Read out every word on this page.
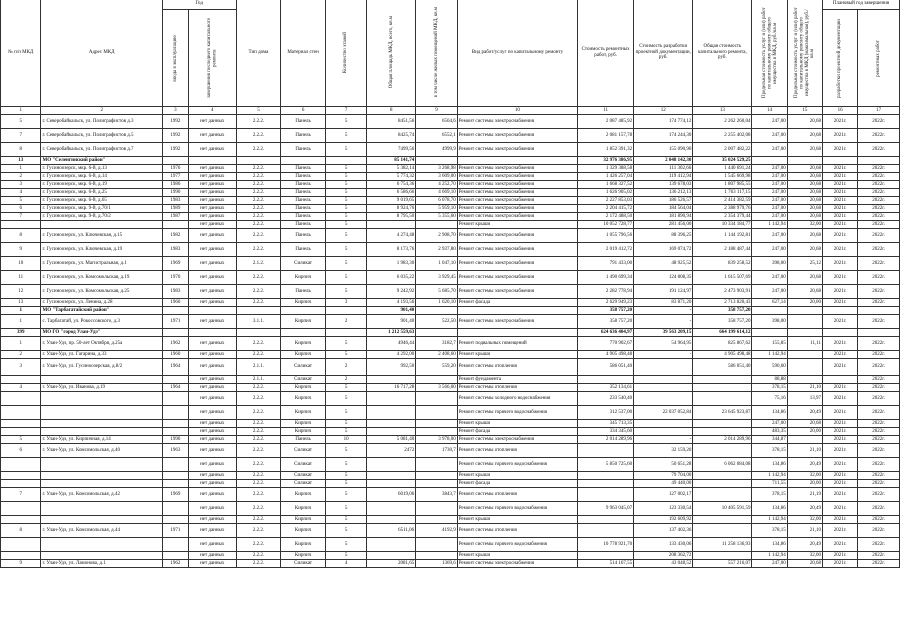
№ п/п МКД	Адрес МКД	Год		Тип дома	Материал стен	Количество этажей	Общая площадь МКД, всего, кв.м	в том числе жилых помещений МКД, кв.м	Вид работ/услуг по капитальному ремонту	Стоимость ремонтных работ, руб.	Стоимость разработки проектной документации, руб.	Общая стоимость капитального ремонта, руб.	Предельная стоимость услуг и (или) работ по капитальному ремонту общего имущества в МКД, руб./кв.м	Предельная стоимость услуг и (или) работ по капитальному ремонту общего имущества в МКД (максимальная), руб./кв.м	Плановый год завершения	

		ввода в эксплуатацию	завершения последнего капитального ремонта												разработки проектной документации	ремонтных работ

1	2	3	4	5	6	7	8	9	10	11	12	13	14	15	16	17
5	г. Северобайкальск, ул. Полиграфистов д.3	1992	нет данных	2.2.2.	Панель	5	8451,56	6564,6	Ремонт системы электроснабжения	2 087 485,92	174 774,12	2 262 260,04	247,00	20,68	2021г.	2022г.
7	г. Северобайкальск, ул. Полиграфистов д.5	1992	нет данных	2.2.2.	Панель	5	8425,74	6552,1	Ремонт системы электроснабжения	2 081 157,78	174 244,30	2 255 402,08	247,00	20,68	2021г.	2022г.
8	г. Северобайкальск, ул. Полиграфистов д.7	1992	нет данных	2.2.2.	Панель	5	7499,56	4999,9	Ремонт системы электроснабжения	1 852 391,32	155 090,90	2 007 482,22	247,00	20,68	2021г.	2022г.
13	МО "Селенгинский район"						85 141,74			32 976 386,95	2 048 142,30	35 024 529,25				
1	г. Гусиноозерск, мкр. 6-й, д.13	1976	нет данных	2.2.2.	Панель	5	5 382,14	3 268,98	Ремонт системы электроснабжения	1 329 388,58	111 302,66	1 440 691,24	247,00	20,68	2021г.	2022г.
2	г. Гусиноозерск, мкр. 6-й, д.14	1977	нет данных	2.2.2.	Панель	5	5 774,32	3 609,00	Ремонт системы электроснабжения	1 426 257,04	119 412,94	1 545 669,98	247,00	20,68	2021г.	2022г.
3	г. Гусиноозерск, мкр. 6-й, д.19	1986	нет данных	2.2.2.	Панель	5	6 754,36	4 252,70	Ремонт системы электроснабжения	1 668 327,52	139 678,03	1 807 985,55	247,00	20,68	2021г.	2022г.
4	г. Гусиноозерск, мкр. 6-й, д.25	1990	нет данных	2.2.2.	Панель	5	6 586,66	4 669,10	Ремонт системы электроснабжения	1 626 905,02	136 212,13	1 763 117,15	247,00	20,68	2021г.	2022г.
5	г. Гусиноозерск, мкр. 6-й, д.65	1983	нет данных	2.2.2.	Панель	5	9 019,65	6 078,70	Ремонт системы электроснабжения	2 227 853,03	186 526,57	2 414 382,59	247,00	20,68	2021г.	2022г.
6	г. Гусиноозерск, мкр. 9-й, д.70/1	1989	нет данных	2.2.2.	Панель	5	8 924,76	5 959,10	Ремонт системы электроснабжения	2 204 415,72	184 564,04	2 388 979,76	247,00	20,68	2021г.	2022г.
7	г. Гусиноозерск, мкр. 9-й, д.70/2	1987	нет данных	2.2.2.	Панель	5	8 795,50	5 355,60	Ремонт системы электроснабжения	2 172 488,50	181 890,94	2 354 379,44	247,00	20,68	2021г.	2022г.
			нет данных	2.2.2.	Панель	5			Ремонт крыши	10 052 728,77	281 456,00	10 334 184,77	1 142,94	32,00	2021г.	2022г.
8	г. Гусиноозерск, ул. Ключевская, д.15	1982	нет данных	2.2.2.	Панель	5	4 274,48	2 908,70	Ремонт системы электроснабжения	1 055 796,56	88 396,25	1 144 192,81	247,00	20,68	2021г.	2022г.
9	г. Гусиноозерск, ул. Ключевская, д.19	1983	нет данных	2.2.2.	Панель	5	8 173,76	2 937,80	Ремонт системы электроснабжения	2 019 412,72	169 074,72	2 188 487,44	247,00	20,68	2021г.	2022г.
10	г. Гусиноозерск, ул. Магистральная, д.1	1969	нет данных	2.1.2.	Силикат	5	1 983,30	1 047,10	Ремонт системы электроснабжения	791 433,00	48 925,52	839 258,52	398,00	25,12	2021г.	2022г.
11	г. Гусиноозерск, ул. Комсомольская, д.19	1970	нет данных	2.2.2.	Кирпич	5	6 035,22	3 929,45	Ремонт системы электроснабжения	1 490 699,34	124 808,35	1 615 507,69	247,00	20,68	2021г.	2022г.
12	г. Гусиноозерск, ул. Комсомольская, д.25	1983	нет данных	2.2.2.	Панель	5	9 242,92	5 685,70	Ремонт системы электроснабжения	2 282 778,94	191 124,97	2 473 903,91	247,00	20,68	2021г.	2022г.
13	г. Гусиноозерск, ул. Ленина, д.28	1960	нет данных	2.2.2.	Кирпич	3	4 193,56	1 620,10	Ремонт фасада	2 629 949,23	83 871,20	2 713 820,43	627,14	20,00	2021г.	2022г.
1	МО "Тарбагатайский район"						901,40			358 757,20	-	358 757,20				
1	с. Тарбагатай, ул. Рокоссовского, д.3	1971	нет данных	3.1.1.	Кирпич	2	901,40	522,50	Ремонт системы электроснабжения	358 757,20	-	358 757,20	398,00		2021г.	2022г.
399	МО ГО "город Улан-Удэ"						1 212 559,63			624 636 404,97	39 563 209,15	664 199 614,12				
1	г. Улан-Удэ, пр. 50-лет Октября, д.25а	1962	нет данных	2.2.2.	Кирпич	5	4946,44	3182,7	Ремонт подвальных помещений	770 902,67	54 964,95	825 867,62	155,85	11,11	2021г.	2022г.
2	г. Улан-Удэ, ул. Гагарина, д.33	1960	нет данных	2.2.2.	Кирпич	5	4 292,00	2 408,60	Ремонт крыши	4 905 498,48	-	4 905 498,48	1 142,94		2021г.	2022г.
3	г. Улан-Удэ, ул. Гусиноозерская, д.8/2	1964	нет данных	2.1.1.	Силикат	2	992,50	559,20	Ремонт системы отопления	586 051,40		586 051,40	590,60		2021г.	2022г.
			нет данных	2.1.1.	Силикат	2			Ремонт фундамента				88,88			2022г.
4	г. Улан-Удэ, ул. Иванова, д.19	1964	нет данных	2.2.2.	Кирпич	5	16 717,28	3 566,00	Ремонт системы отопления	352 134,61			378,15	21,10	2021г.	2022г.
			нет данных	2.2.2.	Кирпич	5			Ремонт системы холодного водоснабжения	233 540,40			75,16	13,97	2021г.	2022г.
			нет данных	2.2.2.	Кирпич	5			Ремонт системы горячего водоснабжения	312 537,00	22 037 052,84	23 645 923,87	134,86	20,49	2021г.	2022г.
			нет данных	2.2.2.	Кирпич	5			Ремонт крыши	345 713,35			247,00	20,68	2021г.	2022г.
			нет данных	2.2.2.	Кирпич	5			Ремонт фасада	334 345,60			483,35	20,00	2021г.	2022г.
5	г. Улан-Удэ, ул. Кирпичная, д.14	1990	нет данных	2.2.2.	Панель	10	5 081,40	3 978,00	Ремонт системы электроснабжения	2 014 289,96	-	2 014 289,96	344,87		2021г.	2022г.
6	г. Улан-Удэ, ул. Комсомольская, д.40	1963	нет данных	2.2.2.	Силикат	5	2472	1730,7	Ремонт системы отопления		32 159,20		378,15	21,10	2021г.	2022г.
			нет данных	2.2.2.	Силикат	5			Ремонт системы горячего водоснабжения	5 850 725,60	50 651,28	6 062 084,08	134,86	20,49	2021г.	2022г.
			нет данных	2.2.2.	Силикат	5			Ремонт крыши		79 704,00		1 142,94	32,00	2021г.	2022г.
			нет данных	2.2.2.	Силикат	5			Ремонт фасада		49 440,00		711,55	20,00	2021г.	2022г.
7	г. Улан-Удэ, ул. Комсомольская, д.42	1969	нет данных	2.2.2.	Кирпич	5	6019,06	3843,7	Ремонт системы отопления		127 002,17		378,15	21,19	2021г.	2022г.
			нет данных	2.2.2.	Кирпич	5			Ремонт системы горячего водоснабжения	9 963 045,07	123 330,54	10 405 591,59	134,86	20,49	2021г.	2022г.
			нет данных	2.2.2.	Кирпич	5			Ремонт крыши		192 609,92		1 142,94	32,00	2021г.	2022г.
8	г. Улан-Удэ, ул. Комсомольская, д.44	1971	нет данных	2.2.2.	Кирпич	5	6511,06	4192,9	Ремонт системы отопления		137 402,36		378,15	21,10	2021г.	2022г.
			нет данных	2.2.2.	Кирпич	5			Ремонт системы горячего водоснабжения	10 778 921,70	133 430,06	11 258 136,93	134,86	20,49	2021г.	2022г.
			нет данных	2.2.2.	Кирпич	5			Ремонт крыши		208 362,72		1 142,94	32,00	2021г.	2022г.
9	г. Улан-Удэ, ул. Ламонова, д.1	1962	нет данных	2.2.2.	Силикат	4	2081,65	1369,6	Ремонт системы электроснабжения	514 167,55	43 048,52	557 216,07	247,00	20,68	2021г.	2022г.
